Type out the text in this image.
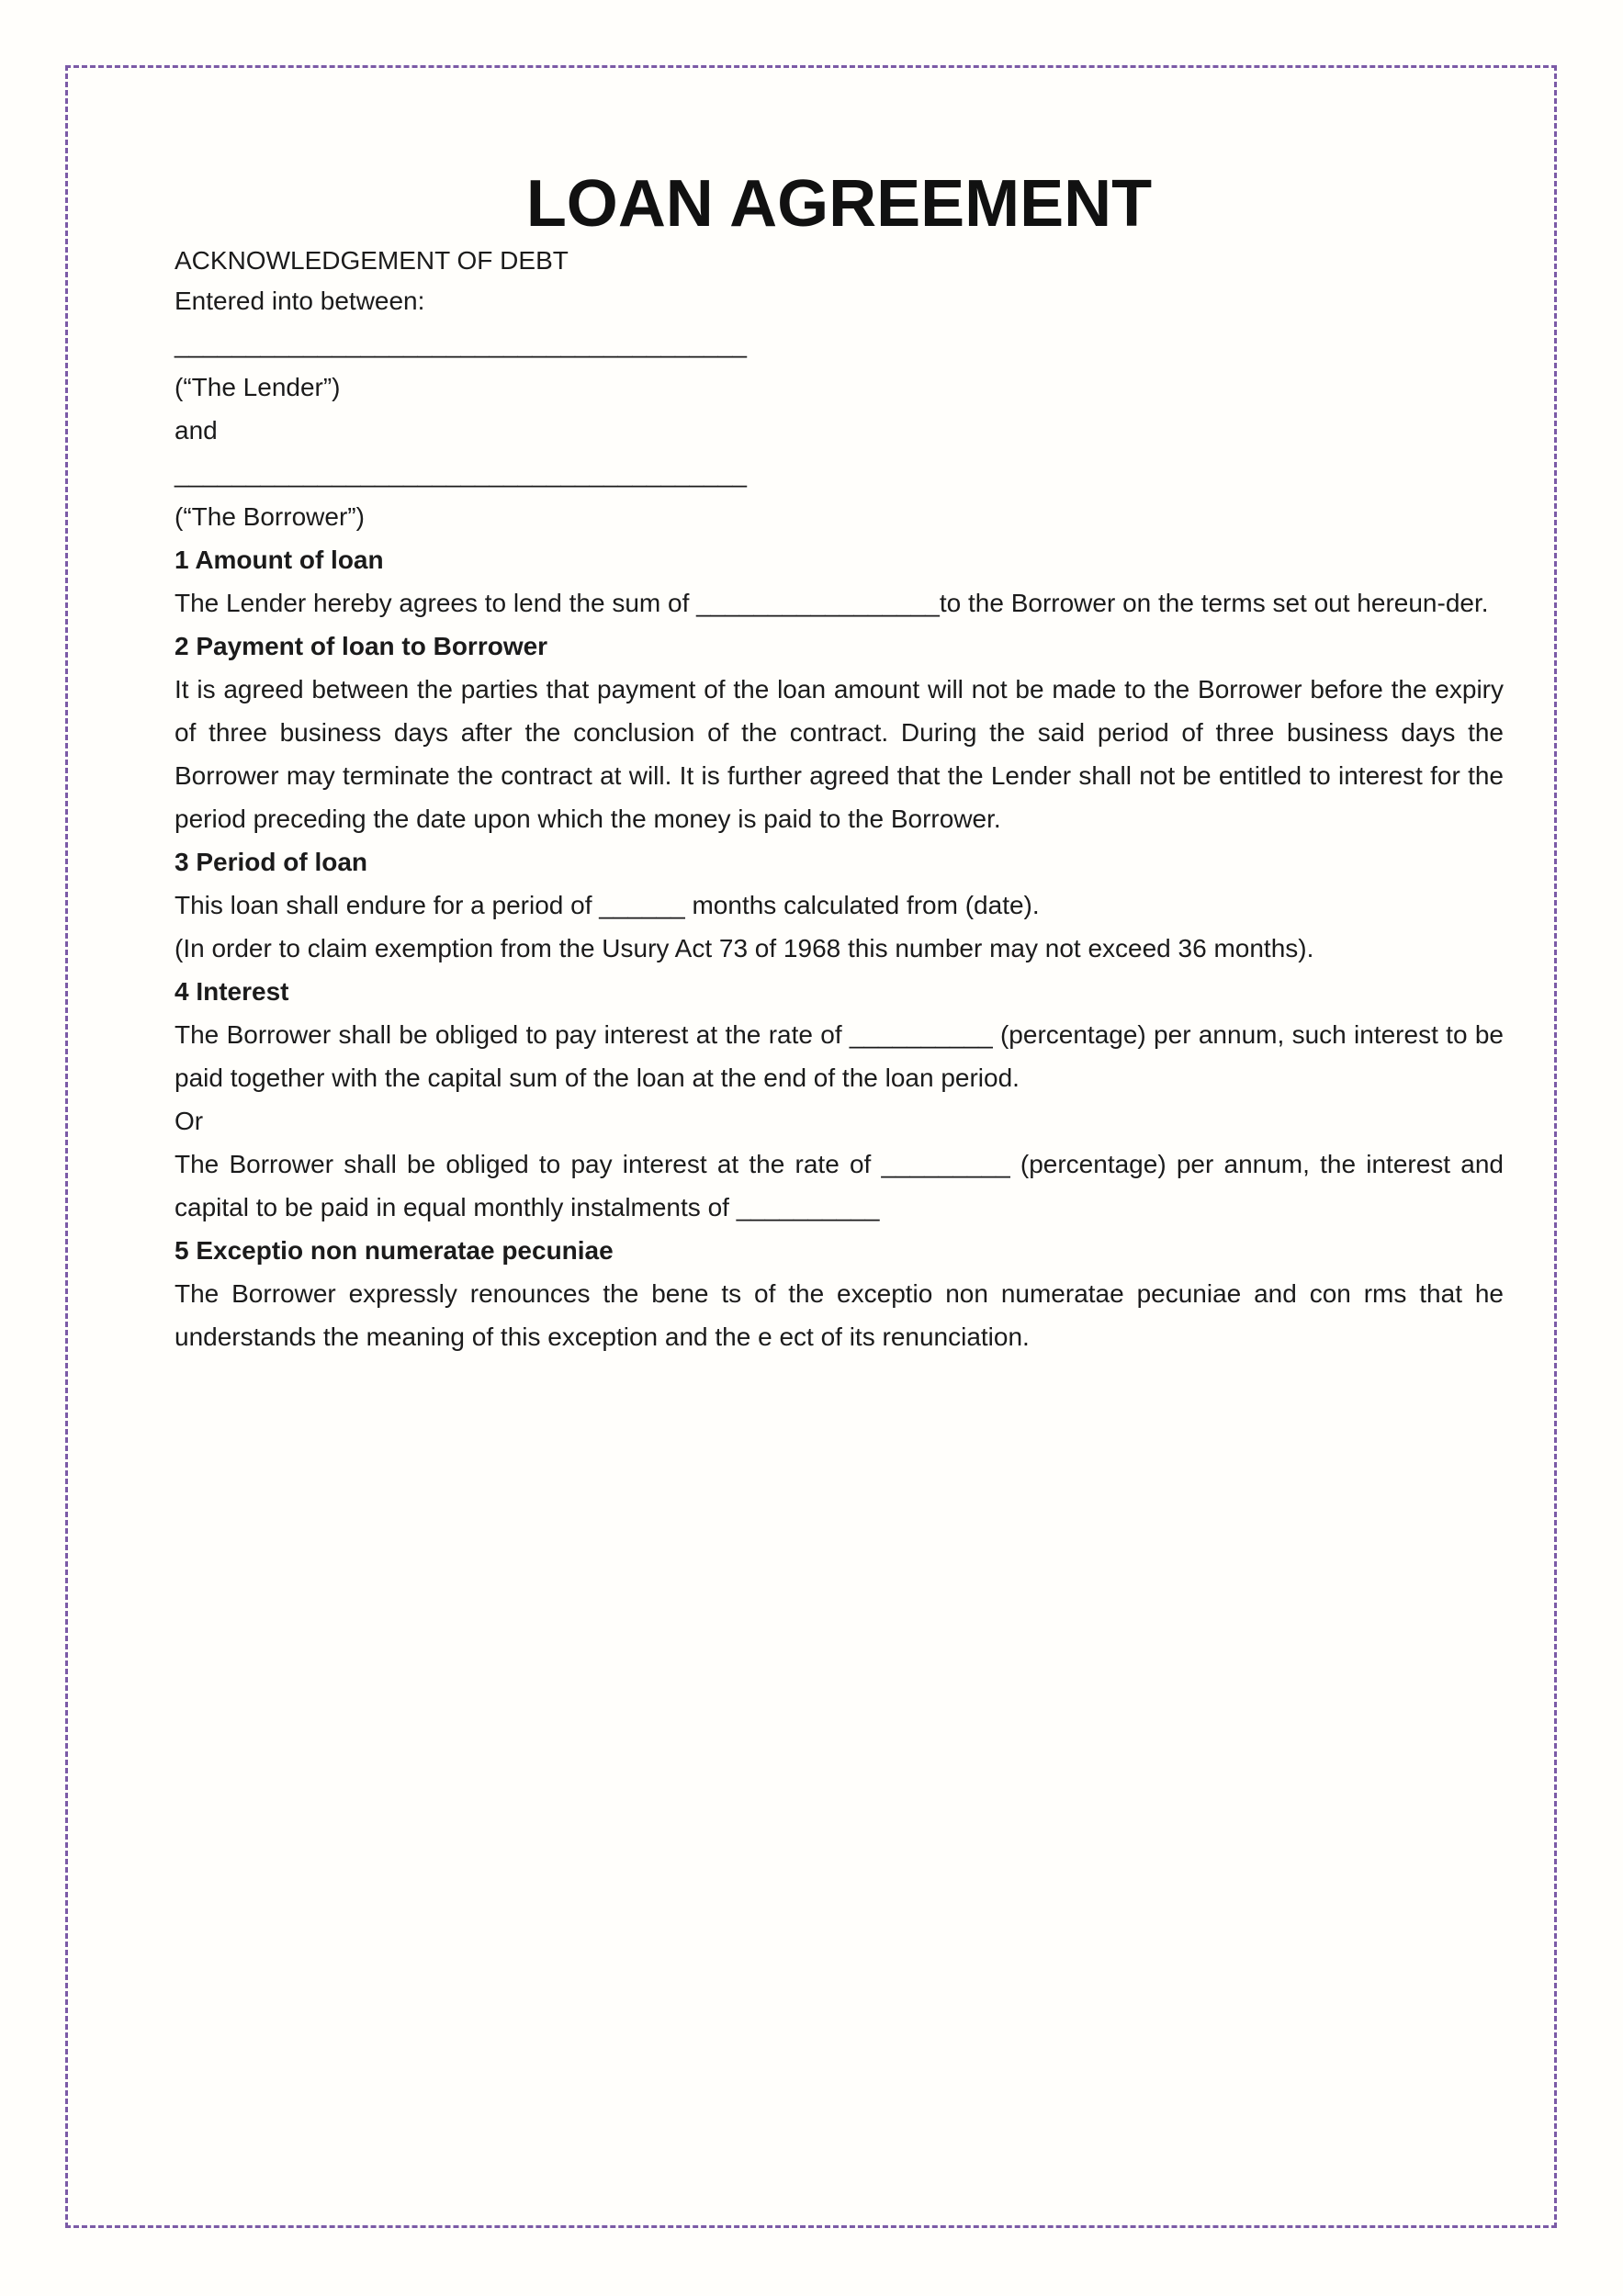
LOAN AGREEMENT

ACKNOWLEDGEMENT OF DEBT

Entered into between:

________________________________________

(“The Lender”)

and

________________________________________

(“The Borrower”)

1 Amount of loan

The Lender hereby agrees to lend the sum of _________________to the Borrower on the terms set out hereun-der.

2 Payment of loan to Borrower

It is agreed between the parties that payment of the loan amount will not be made to the Borrower before the expiry of three business days after the conclusion of the contract. During the said period of three business days the Borrower may terminate the contract at will. It is further agreed that the Lender shall not be entitled to interest for the period preceding the date upon which the money is paid to the Borrower.

3 Period of loan

This loan shall endure for a period of ______ months calculated from (date).

(In order to claim exemption from the Usury Act 73 of 1968 this number may not exceed 36 months).

4 Interest

The Borrower shall be obliged to pay interest at the rate of __________ (percentage) per annum, such interest to be paid together with the capital sum of the loan at the end of the loan period.

Or

The Borrower shall be obliged to pay interest at the rate of _________ (percentage) per annum, the interest and capital to be paid in equal monthly instalments of __________

5 Exceptio non numeratae pecuniae

The Borrower expressly renounces the bene ts of the exceptio non numeratae pecuniae and con rms that he understands the meaning of this exception and the e ect of its renunciation.
